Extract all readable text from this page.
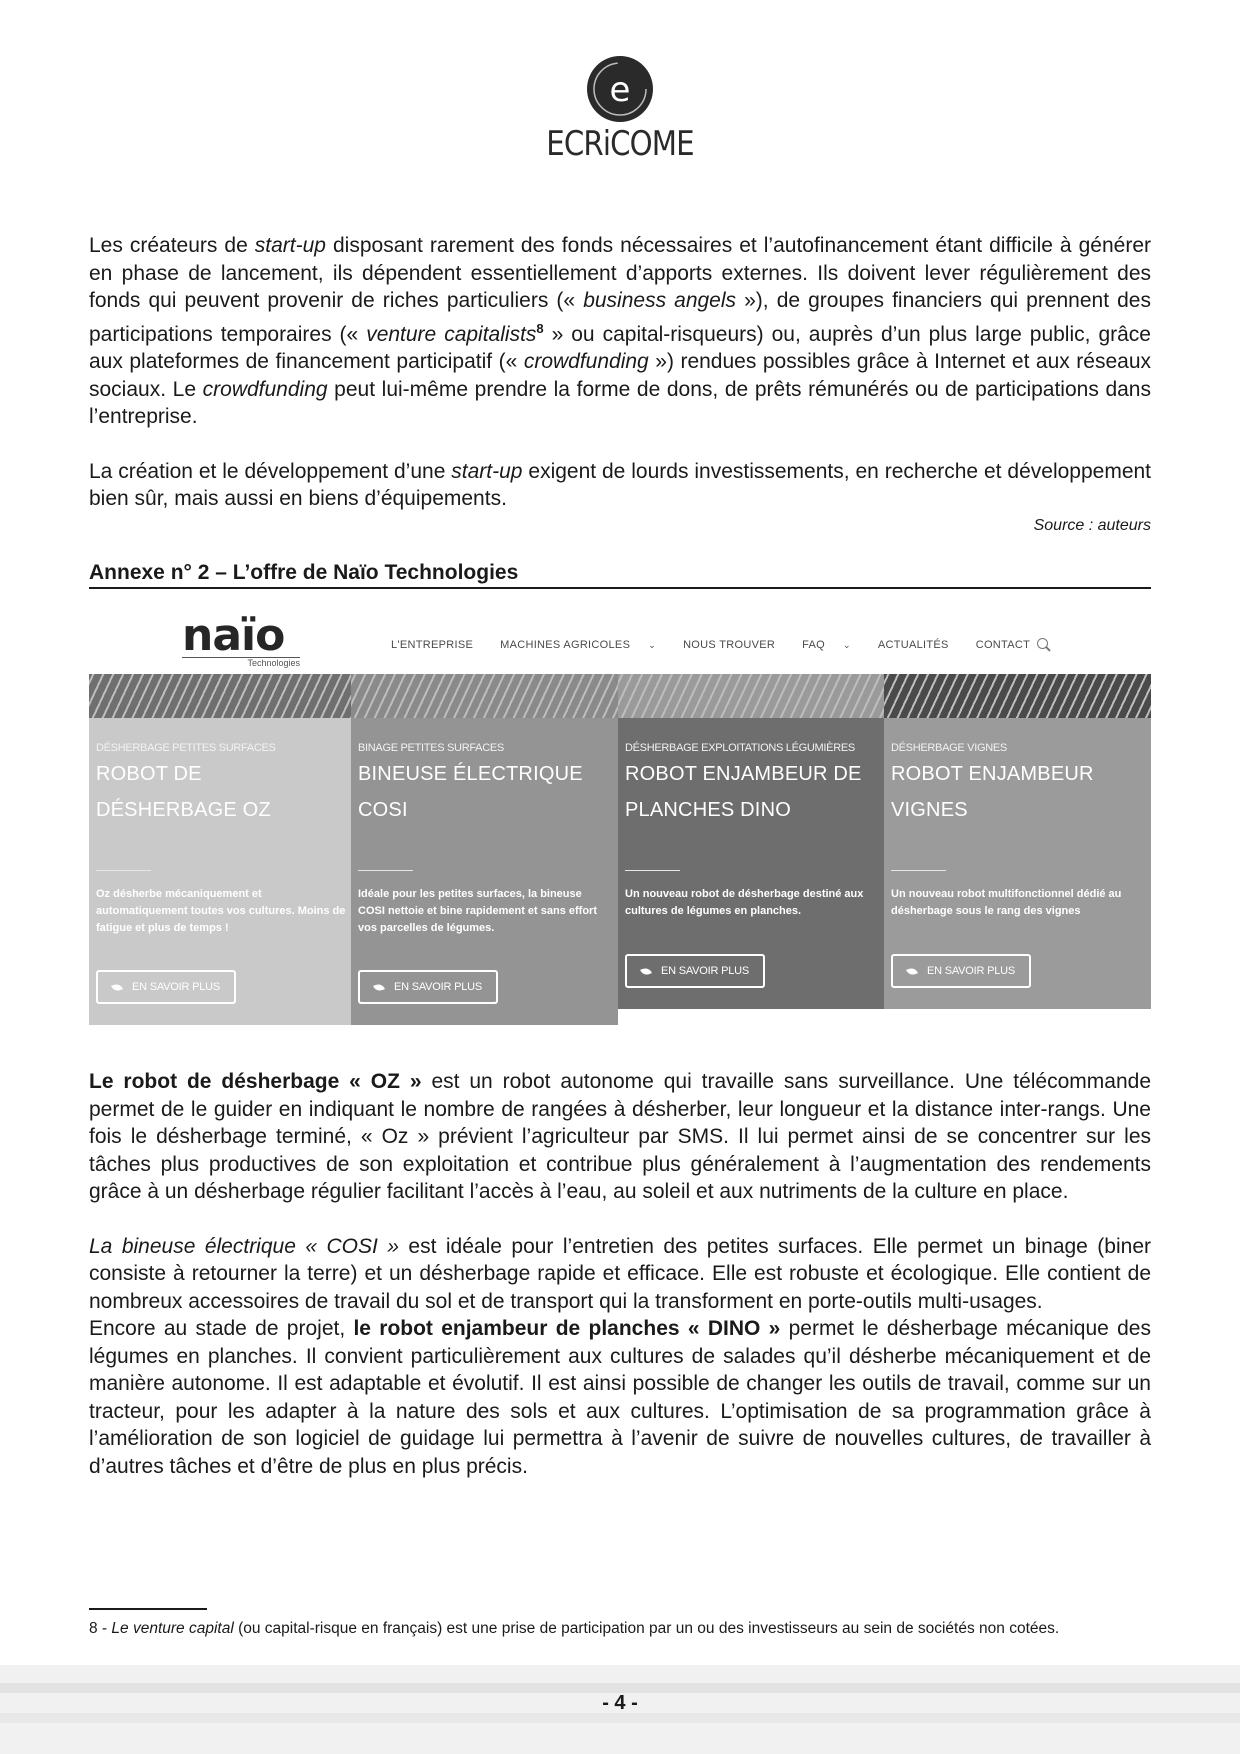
e
ECRiCOME

Les créateurs de start-up disposant rarement des fonds nécessaires et l’autofinancement étant difficile à générer en phase de lancement, ils dépendent essentiellement d’apports externes. Ils doivent lever régulièrement des fonds qui peuvent provenir de riches particuliers (« business angels »), de groupes financiers qui prennent des participations temporaires (« venture capitalists$^8$ » ou capital-risqueurs) ou, auprès d’un plus large public, grâce aux plateformes de financement participatif (« crowdfunding ») rendues possibles grâce à Internet et aux réseaux sociaux. Le crowdfunding peut lui-même prendre la forme de dons, de prêts rémunérés ou de participations dans l’entreprise.

La création et le développement d’une start-up exigent de lourds investissements, en recherche et développement bien sûr, mais aussi en biens d’équipements.

Source : auteurs
Annexe n° 2 – L’offre de Naïo Technologies
naïo
Technologies
L'ENTREPRISE MACHINES AGRICOLES ⌄ NOUS TROUVER FAQ ⌄ ACTUALITÉS CONTACT
DÉSHERBAGE PETITES SURFACES
ROBOT DE DÉSHERBAGE OZ
Oz désherbe mécaniquement et automatiquement toutes vos cultures. Moins de fatigue et plus de temps !
EN SAVOIR PLUS
BINAGE PETITES SURFACES
BINEUSE ÉLECTRIQUE COSI
Idéale pour les petites surfaces, la bineuse COSI nettoie et bine rapidement et sans effort vos parcelles de légumes.
EN SAVOIR PLUS
DÉSHERBAGE EXPLOITATIONS LÉGUMIÈRES
ROBOT ENJAMBEUR DE PLANCHES DINO
Un nouveau robot de désherbage destiné aux cultures de légumes en planches.
EN SAVOIR PLUS
DÉSHERBAGE VIGNES
ROBOT ENJAMBEUR VIGNES
Un nouveau robot multifonctionnel dédié au désherbage sous le rang des vignes
EN SAVOIR PLUS

Le robot de désherbage « OZ » est un robot autonome qui travaille sans surveillance. Une télécommande permet de le guider en indiquant le nombre de rangées à désherber, leur longueur et la distance inter-rangs. Une fois le désherbage terminé, « Oz » prévient l’agriculteur par SMS. Il lui permet ainsi de se concentrer sur les tâches plus productives de son exploitation et contribue plus généralement à l’augmentation des rendements grâce à un désherbage régulier facilitant l’accès à l’eau, au soleil et aux nutriments de la culture en place.

La bineuse électrique « COSI » est idéale pour l’entretien des petites surfaces. Elle permet un binage (biner consiste à retourner la terre) et un désherbage rapide et efficace. Elle est robuste et écologique. Elle contient de nombreux accessoires de travail du sol et de transport qui la transforment en porte-outils multi-usages.

Encore au stade de projet, le robot enjambeur de planches « DINO » permet le désherbage mécanique des légumes en planches. Il convient particulièrement aux cultures de salades qu’il désherbe mécaniquement et de manière autonome. Il est adaptable et évolutif. Il est ainsi possible de changer les outils de travail, comme sur un tracteur, pour les adapter à la nature des sols et aux cultures. L’optimisation de sa programmation grâce à l’amélioration de son logiciel de guidage lui permettra à l’avenir de suivre de nouvelles cultures, de travailler à d’autres tâches et d’être de plus en plus précis.

8 - Le venture capital (ou capital-risque en français) est une prise de participation par un ou des investisseurs au sein de sociétés non cotées.
- 4 -
